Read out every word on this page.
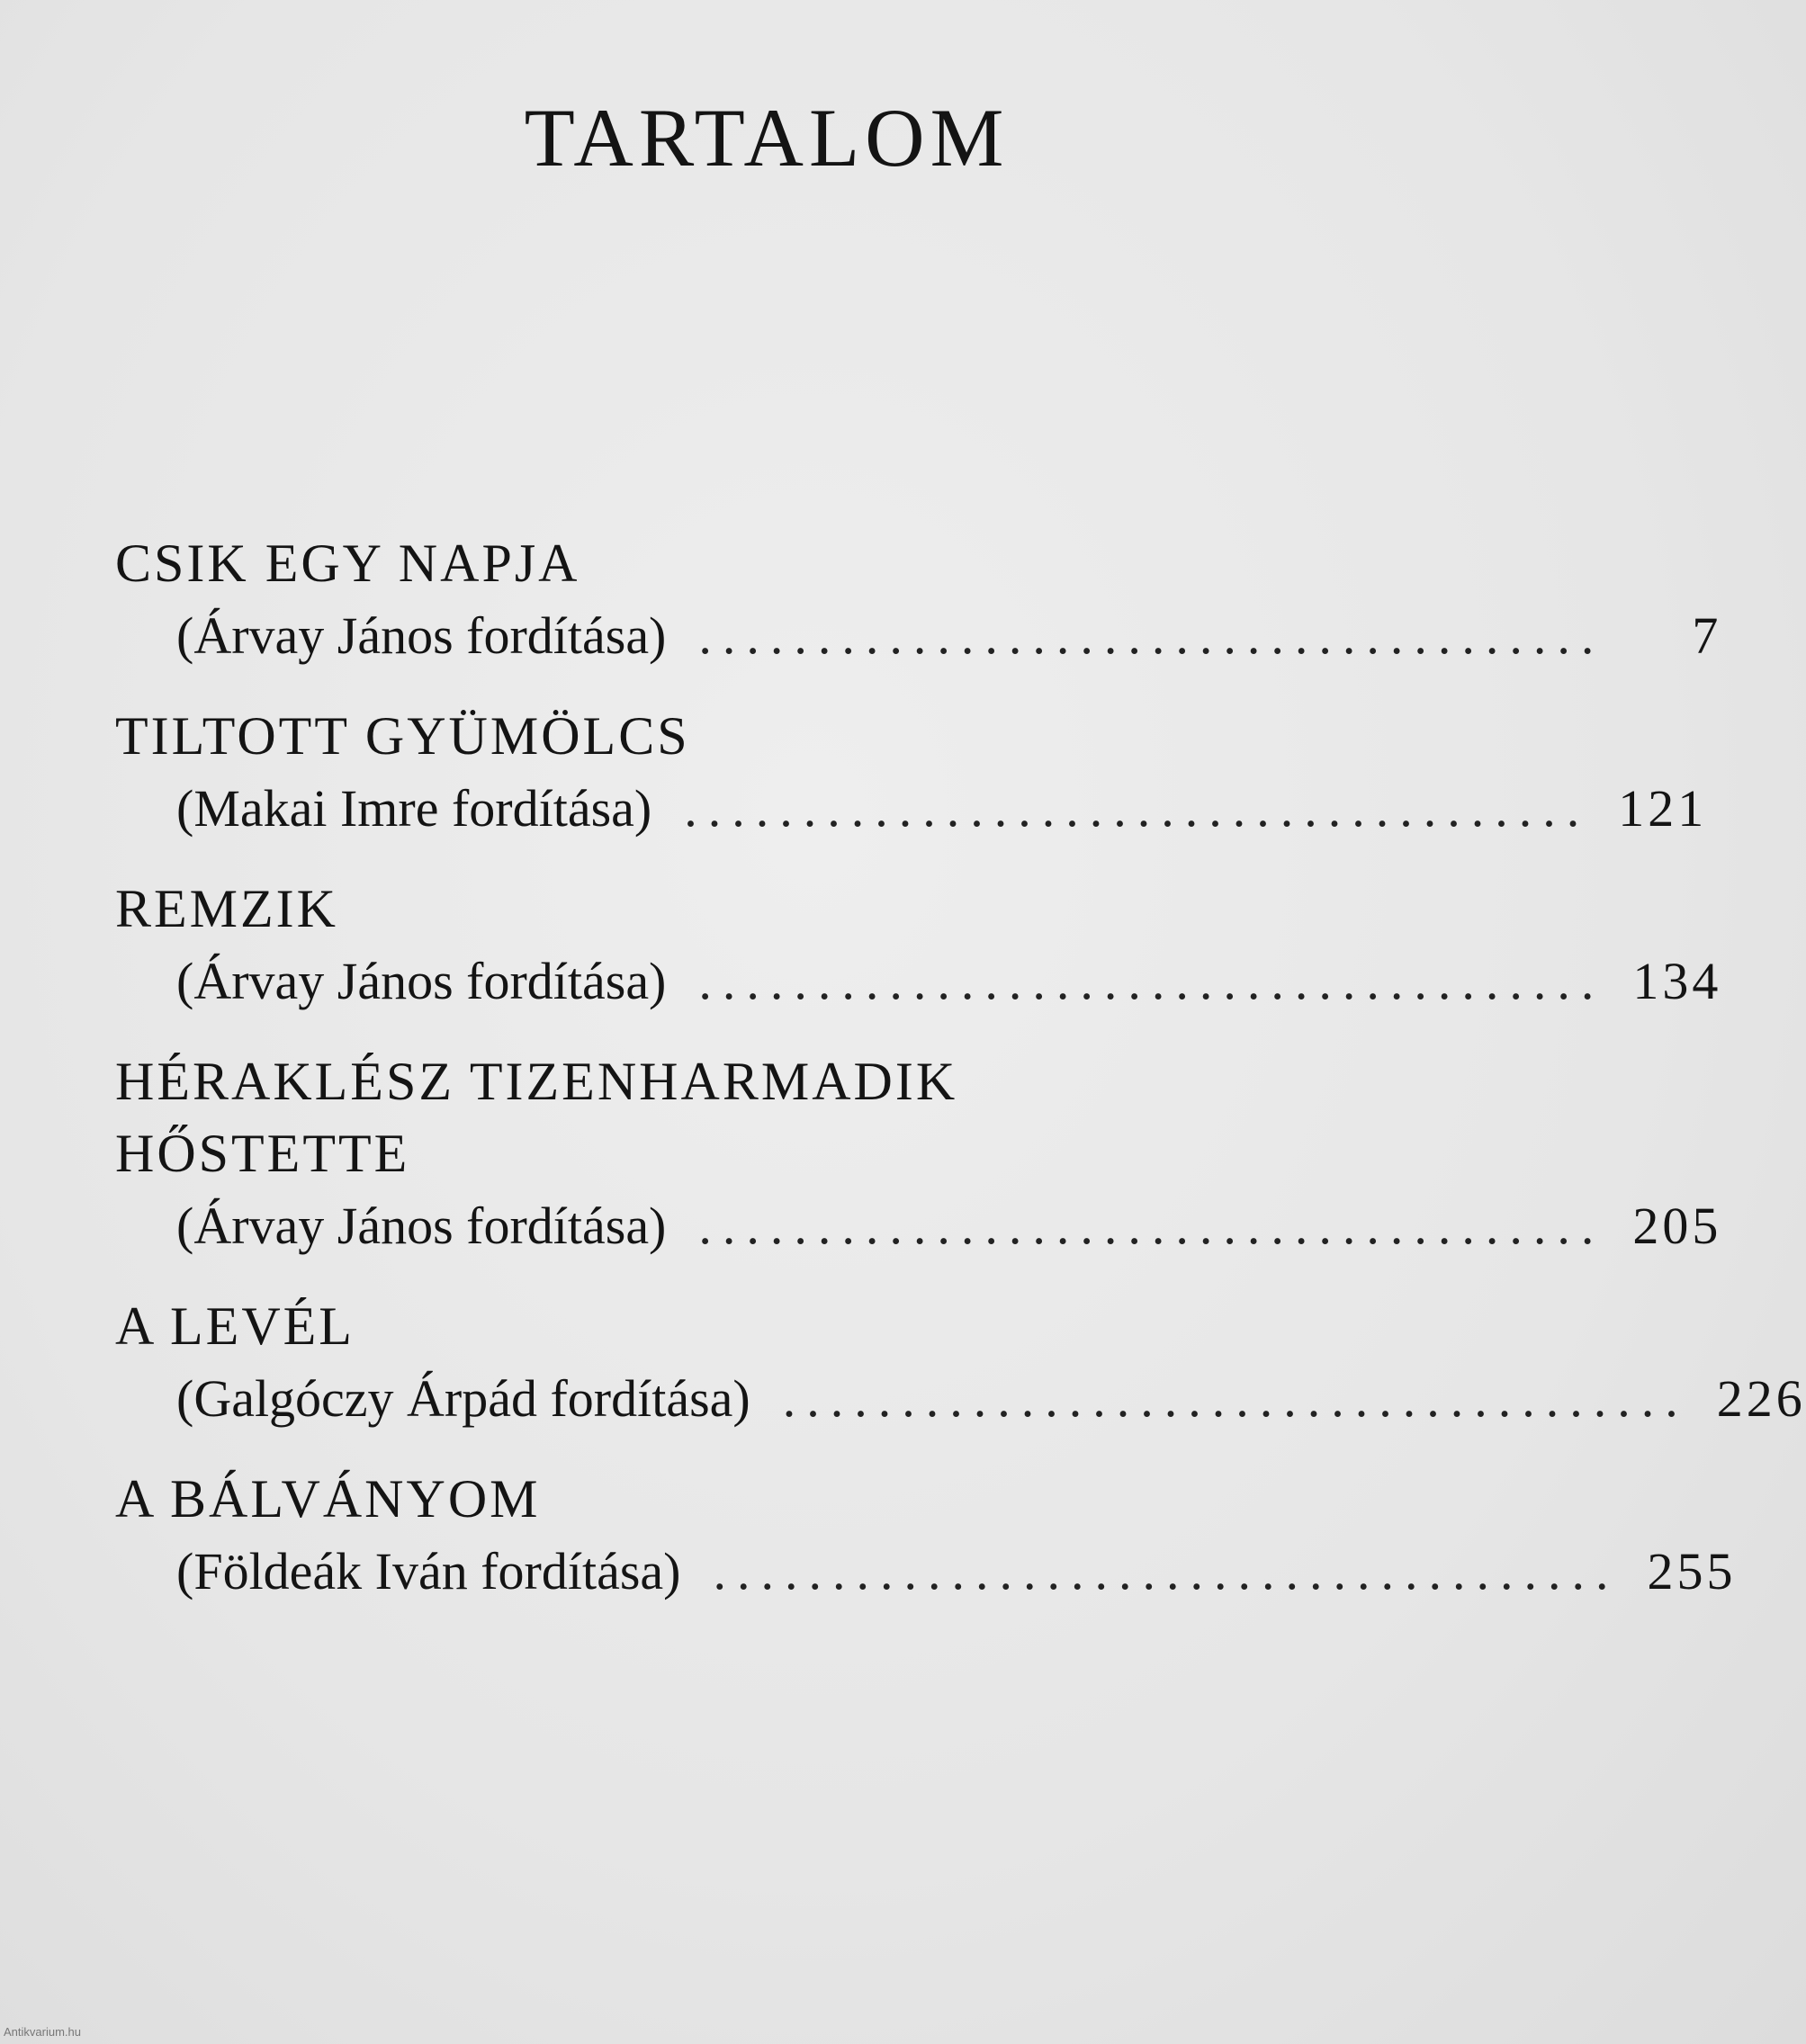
TARTALOM
CSIK EGY NAPJA
(Árvay János fordítása) ......................................	7
TILTOTT GYÜMÖLCS
(Makai Imre fordítása) ...................................... 121
REMZIK
(Árvay János fordítása) ...................................... 134
HÉRAKLÉSZ TIZENHARMADIK
HŐSTETTE
(Árvay János fordítása) ...................................... 205
A LEVÉL
(Galgóczy Árpád fordítása) ...................................... 226
A BÁLVÁNYOM
(Földeák Iván fordítása) ...................................... 255
Antikvarium.hu
